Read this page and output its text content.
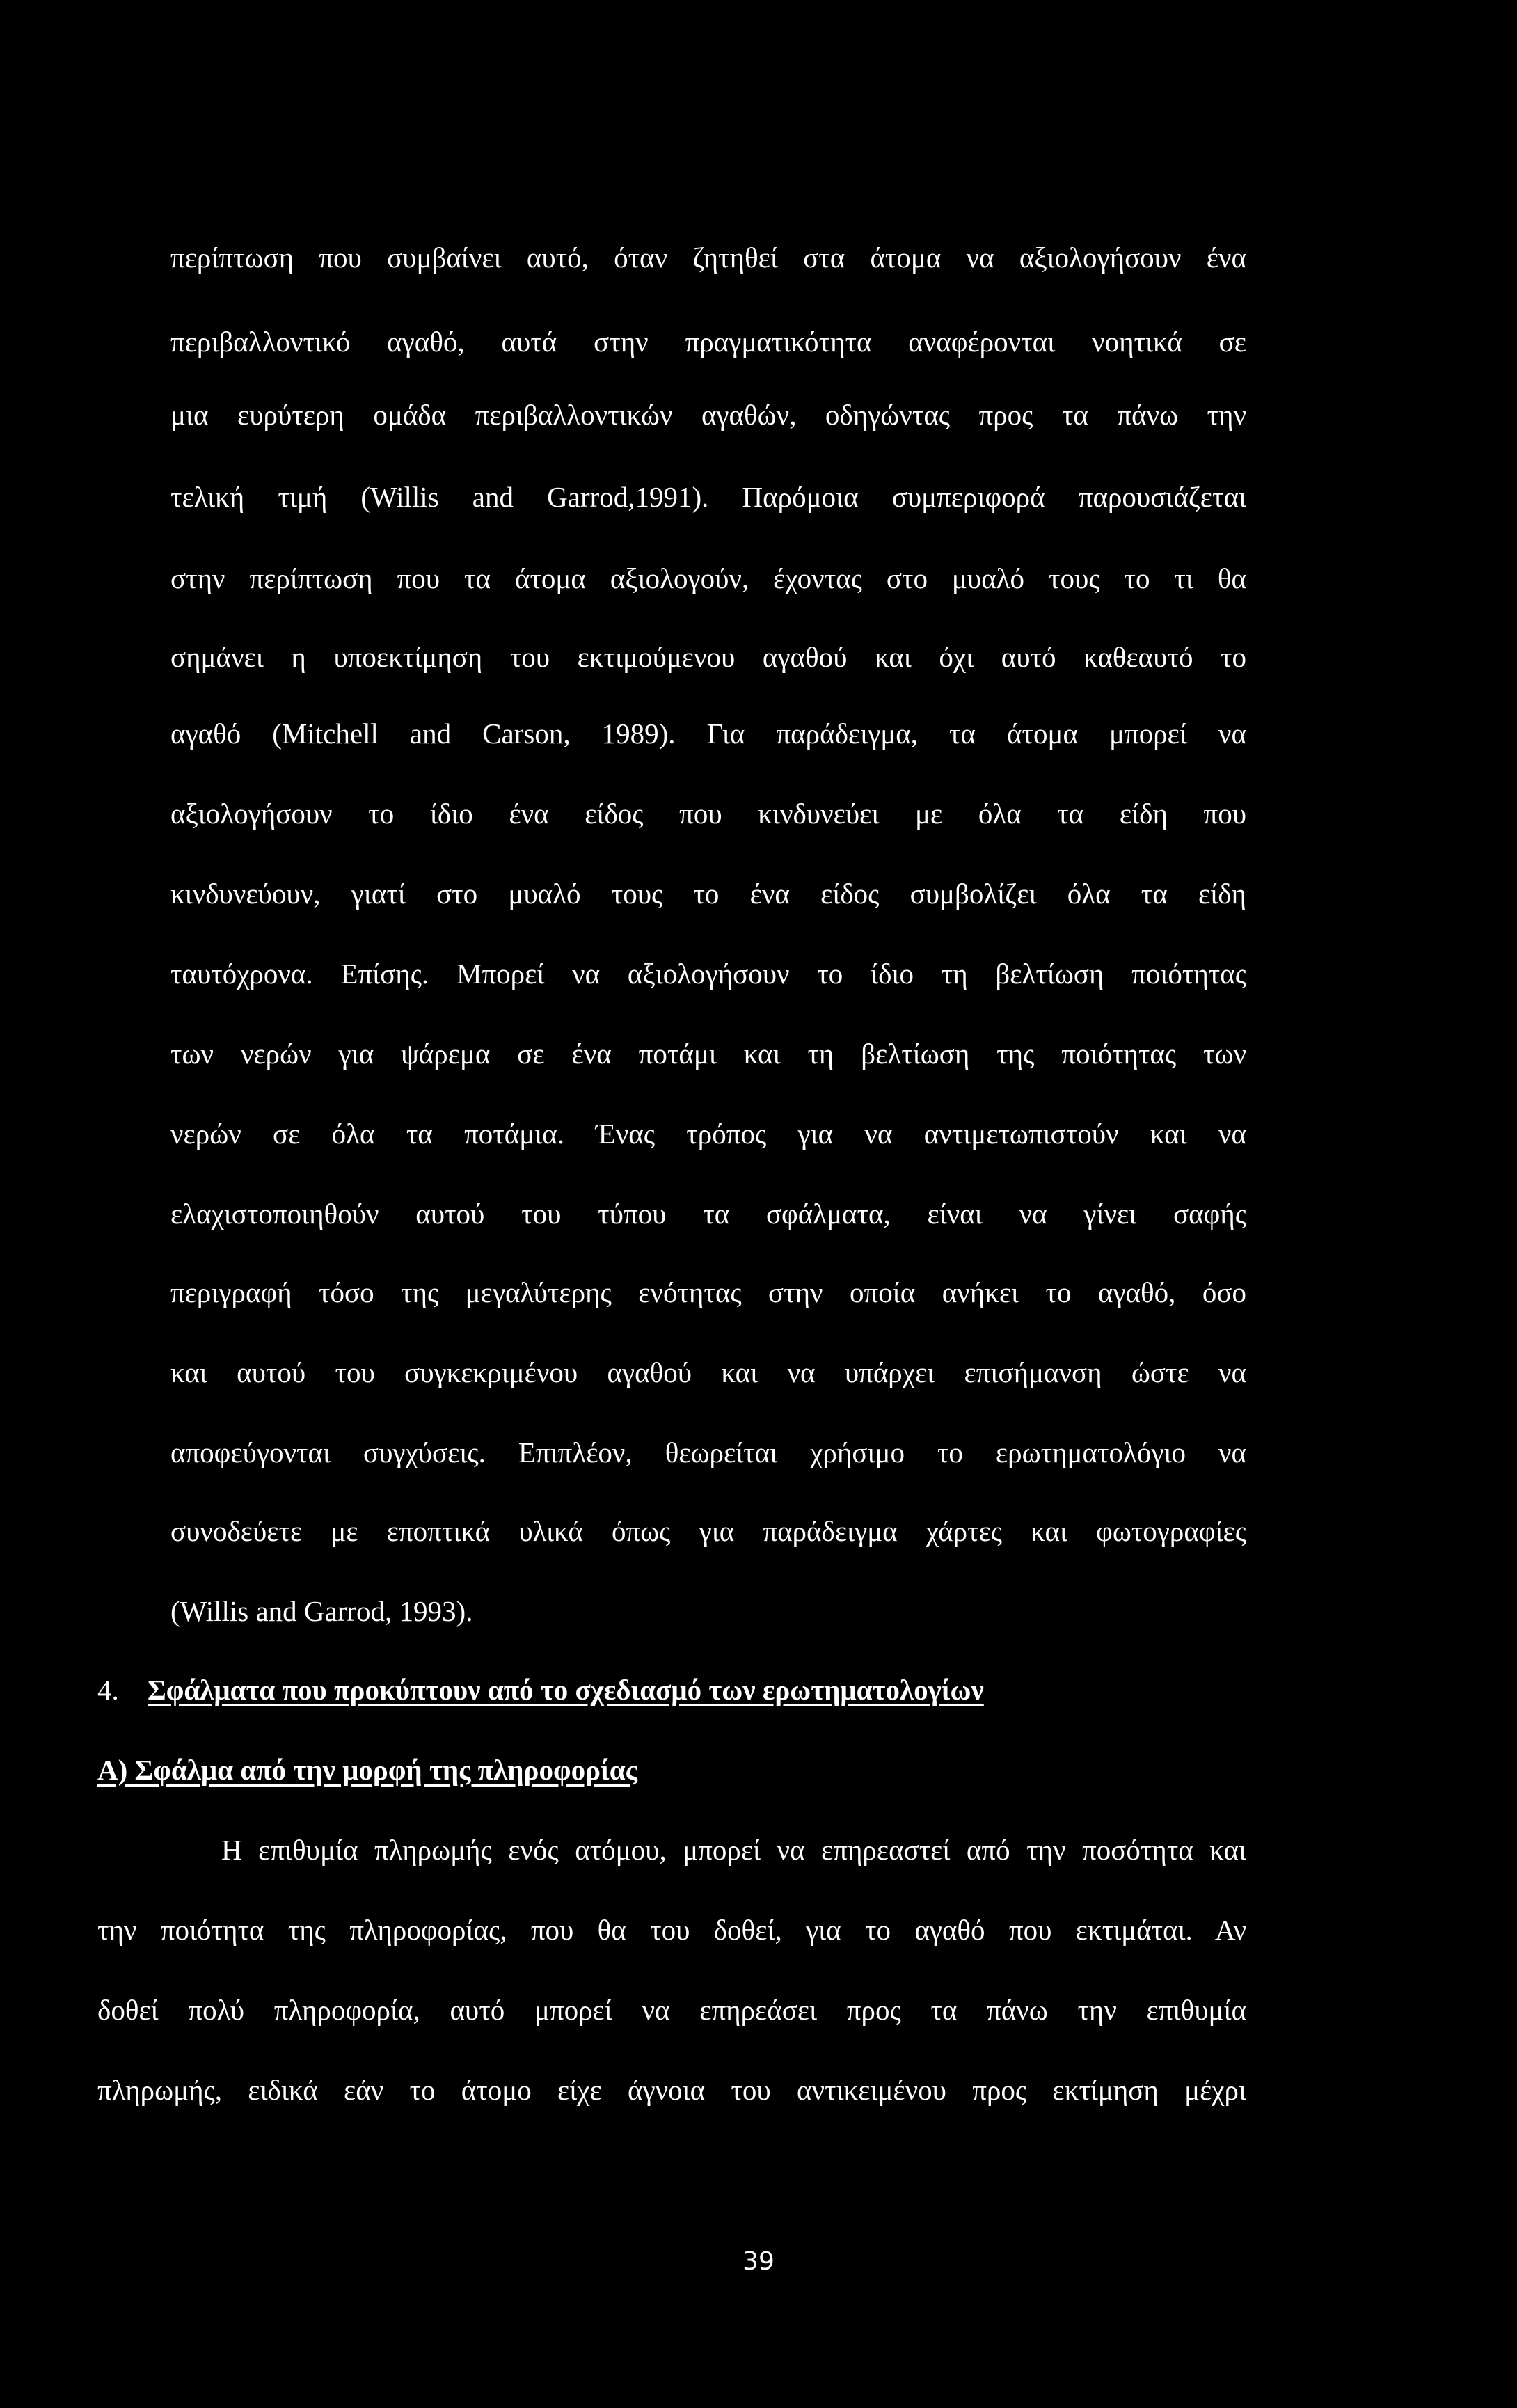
περίπτωση που συμβαίνει αυτό, όταν ζητηθεί στα άτομα να αξιολογήσουν ένα
περιβαλλοντικό αγαθό, αυτά στην πραγματικότητα αναφέρονται νοητικά σε
μια ευρύτερη ομάδα περιβαλλοντικών αγαθών, οδηγώντας προς τα πάνω την
τελική τιμή (Willis and Garrod,1991). Παρόμοια συμπεριφορά παρουσιάζεται
στην περίπτωση που τα άτομα αξιολογούν, έχοντας στο μυαλό τους το τι θα
σημάνει η υποεκτίμηση του εκτιμούμενου αγαθού και όχι αυτό καθεαυτό το
αγαθό (Mitchell and Carson, 1989). Για παράδειγμα, τα άτομα μπορεί να
αξιολογήσουν το ίδιο ένα είδος που κινδυνεύει με όλα τα είδη που
κινδυνεύουν, γιατί στο μυαλό τους το ένα είδος συμβολίζει όλα τα είδη
ταυτόχρονα. Επίσης. Μπορεί να αξιολογήσουν το ίδιο τη βελτίωση ποιότητας
των νερών για ψάρεμα σε ένα ποτάμι και τη βελτίωση της ποιότητας των
νερών σε όλα τα ποτάμια. Ένας τρόπος για να αντιμετωπιστούν και να
ελαχιστοποιηθούν αυτού του τύπου τα σφάλματα, είναι να γίνει σαφής
περιγραφή τόσο της μεγαλύτερης ενότητας στην οποία ανήκει το αγαθό, όσο
και αυτού του συγκεκριμένου αγαθού και να υπάρχει επισήμανση ώστε να
αποφεύγονται συγχύσεις. Επιπλέον, θεωρείται χρήσιμο το ερωτηματολόγιο να
συνοδεύετε με εποπτικά υλικά όπως για παράδειγμα χάρτες και φωτογραφίες
(Willis and Garrod, 1993).
4. Σφάλματα που προκύπτουν από το σχεδιασμό των ερωτηματολογίων
Α) Σφάλμα από την μορφή της πληροφορίας
Η επιθυμία πληρωμής ενός ατόμου, μπορεί να επηρεαστεί από την ποσότητα και
την ποιότητα της πληροφορίας, που θα του δοθεί, για το αγαθό που εκτιμάται. Αν
δοθεί πολύ πληροφορία, αυτό μπορεί να επηρεάσει προς τα πάνω την επιθυμία
πληρωμής, ειδικά εάν το άτομο είχε άγνοια του αντικειμένου προς εκτίμηση μέχρι
39
